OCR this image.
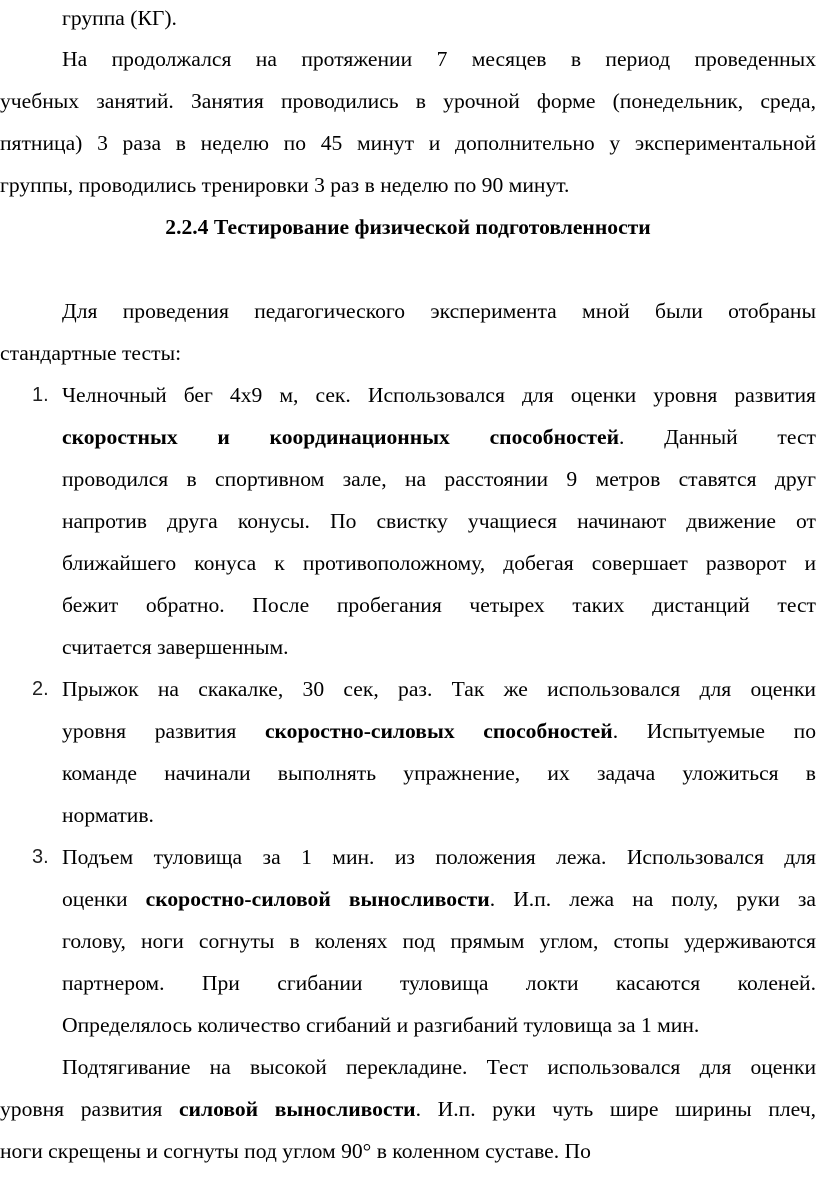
группа (КГ).
На продолжался на протяжении 7 месяцев в период проведенных
учебных занятий. Занятия проводились в урочной форме (понедельник, среда,
пятница) 3 раза в неделю по 45 минут и дополнительно у экспериментальной
группы, проводились тренировки 3 раз в неделю по 90 минут.
2.2.4 Тестирование физической подготовленности
Для проведения педагогического эксперимента мной были отобраны
стандартные тесты:
1. Челночный бег 4х9 м, сек. Использовался для оценки уровня развития
скоростных и координационных способностей. Данный тест
проводился в спортивном зале, на расстоянии 9 метров ставятся друг
напротив друга конусы. По свистку учащиеся начинают движение от
ближайшего конуса к противоположному, добегая совершает разворот и
бежит обратно. После пробегания четырех таких дистанций тест
считается завершенным.
2. Прыжок на скакалке, 30 сек, раз. Так же использовался для оценки
уровня развития скоростно-силовых способностей. Испытуемые по
команде начинали выполнять упражнение, их задача уложиться в
норматив.
3. Подъем туловища за 1 мин. из положения лежа. Использовался для
оценки скоростно-силовой выносливости. И.п. лежа на полу, руки за
голову, ноги согнуты в коленях под прямым углом, стопы удерживаются
партнером. При сгибании туловища локти касаются коленей.
Определялось количество сгибаний и разгибаний туловища за 1 мин.
Подтягивание на высокой перекладине. Тест использовался для оценки
уровня развития силовой выносливости. И.п. руки чуть шире ширины плеч,
ноги скрещены и согнуты под углом 90° в коленном суставе. По
